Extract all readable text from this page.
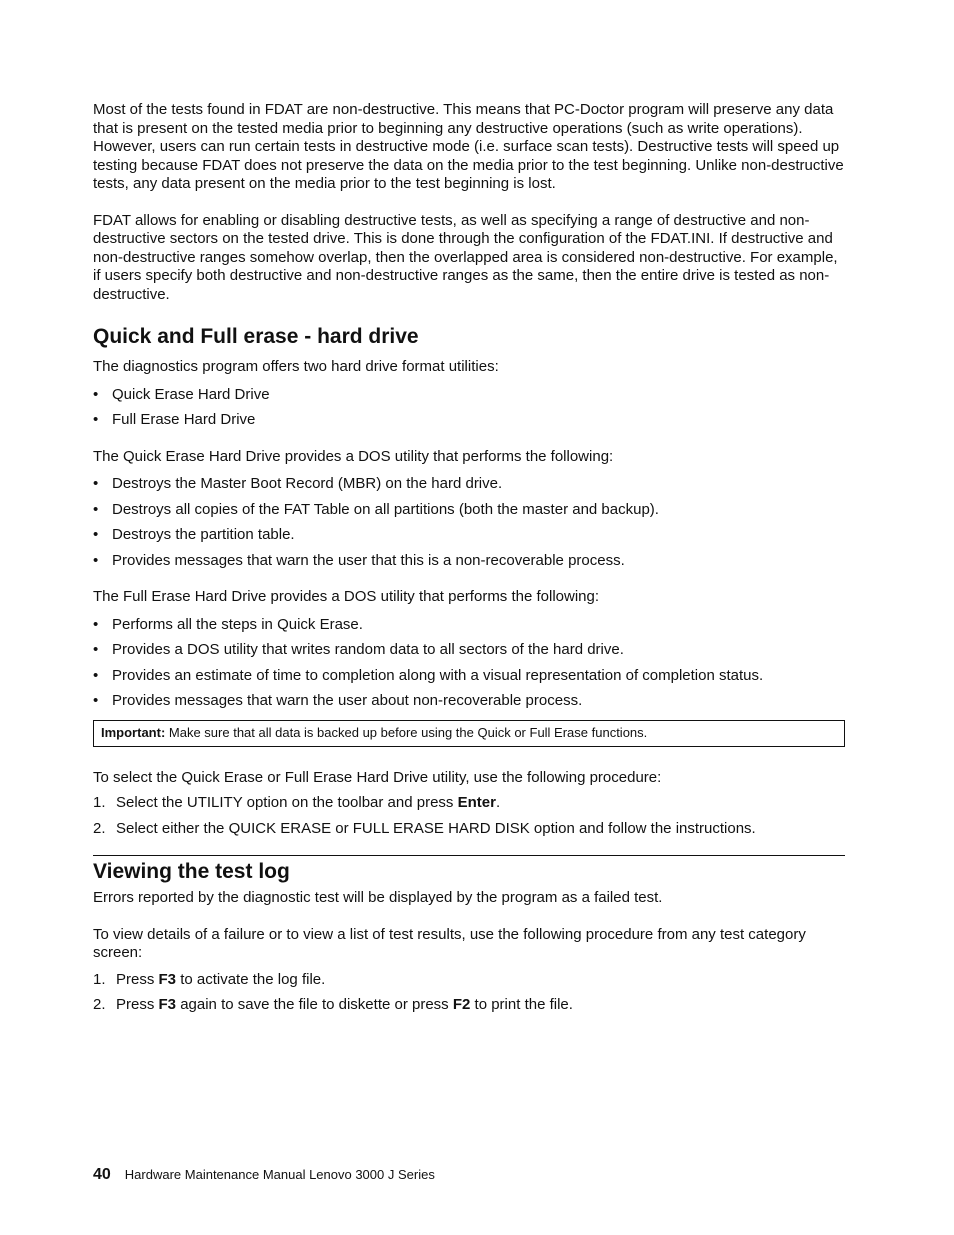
Most of the tests found in FDAT are non-destructive. This means that PC-Doctor program will preserve any data that is present on the tested media prior to beginning any destructive operations (such as write operations). However, users can run certain tests in destructive mode (i.e. surface scan tests). Destructive tests will speed up testing because FDAT does not preserve the data on the media prior to the test beginning. Unlike non-destructive tests, any data present on the media prior to the test beginning is lost.

FDAT allows for enabling or disabling destructive tests, as well as specifying a range of destructive and non-destructive sectors on the tested drive. This is done through the configuration of the FDAT.INI. If destructive and non-destructive ranges somehow overlap, then the overlapped area is considered non-destructive. For example, if users specify both destructive and non-destructive ranges as the same, then the entire drive is tested as non-destructive.

Quick and Full erase - hard drive

The diagnostics program offers two hard drive format utilities:

• Quick Erase Hard Drive
• Full Erase Hard Drive

The Quick Erase Hard Drive provides a DOS utility that performs the following:

• Destroys the Master Boot Record (MBR) on the hard drive.
• Destroys all copies of the FAT Table on all partitions (both the master and backup).
• Destroys the partition table.
• Provides messages that warn the user that this is a non-recoverable process.

The Full Erase Hard Drive provides a DOS utility that performs the following:

• Performs all the steps in Quick Erase.
• Provides a DOS utility that writes random data to all sectors of the hard drive.
• Provides an estimate of time to completion along with a visual representation of completion status.
• Provides messages that warn the user about non-recoverable process.
Important: Make sure that all data is backed up before using the Quick or Full Erase functions.

To select the Quick Erase or Full Erase Hard Drive utility, use the following procedure:

1. Select the UTILITY option on the toolbar and press Enter.
2. Select either the QUICK ERASE or FULL ERASE HARD DISK option and follow the instructions.
Viewing the test log

Errors reported by the diagnostic test will be displayed by the program as a failed test.

To view details of a failure or to view a list of test results, use the following procedure from any test category screen:

1. Press F3 to activate the log file.
2. Press F3 again to save the file to diskette or press F2 to print the file.
40 Hardware Maintenance Manual Lenovo 3000 J Series
